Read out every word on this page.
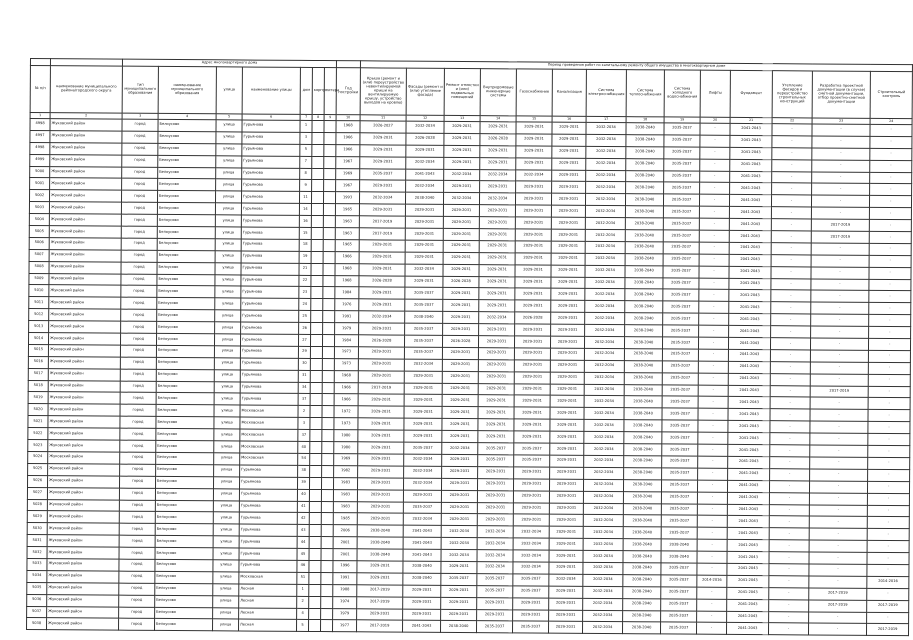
		Адрес многоквартирного дома								Период проведения работ по капитальному ремонту общего имущества в многоквартирном доме													
№ п/п	наименование муниципального района/городского округа	тип муниципального образования	наименование муниципального образования	улица	наименование улицы	дом	корпус	литера	Год постройки	Крыша (ремонт и (или) переустройство невентилируемой крыши на вентилируемую крышу, устройство выходов на кровлю)	Фасады (ремонт и (или) утепление фасада)	Ремонт отмостки и (или) подвальных помещений	Внутридомовые инженерные системы	Газоснабжение	Канализация	Система электроснабжения	Система теплоснабжения	Система холодного водоснабжения	Лифты	Фундамент	Утепление фасадов и переустройство строительных конструкций	Разработка проектной документации (в случае) сметной документации, отбор проектно-сметной документации	Строительный контроль
1	2	3	4	5	6	7	8	9	10	11	12	13	14	15	16	17	18	19	20	21	22	23	24
4998	Жуковский район	город	Белоусово	улица	Гурьянова	1			1968	2026-2027	2032-2034	2029-2031	2029-2031	2029-2031	2029-2031	2032-2034	2038-2040	2035-2037	-	2041-2043	-	-	-
4997	Жуковский район	город	Белоусово	улица	Гурьянова	3			1966	2029-2031	2026-2028	2029-2031	2026-2028	2029-2031	2029-2031	2032-2034	2038-2040	2035-2037	-	2041-2043	-	-	-
4998	Жуковский район	город	Белоусово	улица	Гурьянова	5			1966	2029-2031	2029-2031	2029-2031	2029-2031	2029-2031	2029-2031	2032-2034	2038-2040	2035-2037	-	2041-2043	-	-	-
4999	Жуковский район	город	Белоусово	улица	Гурьянова	7			1967	2029-2031	2032-2034	2029-2031	2029-2031	2029-2031	2029-2031	2032-2034	2038-2040	2035-2037	-	2041-2043	-	-	-
5000	Жуковский район	город	Белоусово	улица	Гурьянова	8			1969	2035-2037	2041-2043	2032-2034	2032-2034	2032-2034	2029-2031	2032-2034	2038-2040	2035-2037	-	2041-2043	-	-	-
5001	Жуковский район	город	Белоусово	улица	Гурьянова	9			1967	2029-2031	2032-2034	2029-2031	2029-2031	2029-2031	2029-2031	2032-2034	2038-2040	2035-2037	-	2041-2043	-	-	-
5002	Жуковский район	город	Белоусово	улица	Гурьянова	11			1993	2032-2034	2038-2040	2032-2034	2032-2034	2029-2031	2029-2031	2032-2034	2038-2040	2035-2037	-	2041-2043	-	-	-
5003	Жуковский район	город	Белоусово	улица	Гурьянова	14			1965	2029-2031	2029-2031	2029-2031	2029-2031	2029-2031	2029-2031	2032-2034	2038-2040	2035-2037	-	2041-2043	-	-	-
5004	Жуковский район	город	Белоусово	улица	Гурьянова	16			1963	2017-2019	2029-2031	2029-2031	2029-2031	2029-2031	2029-2031	2032-2034	2038-2040	2035-2037	-	2041-2043	-	2017-2019	-
5005	Жуковский район	город	Белоусово	улица	Гурьянова	15			1963	2017-2019	2029-2031	2029-2031	2029-2031	2029-2031	2029-2031	2032-2034	2038-2040	2035-2037	-	2041-2043	-	2017-2019	-
5006	Жуковский район	город	Белоусово	улица	Гурьянова	18			1965	2029-2031	2029-2031	2029-2031	2029-2031	2029-2031	2029-2031	2032-2034	2038-2040	2035-2037	-	2041-2043	-	-	-
5007	Жуковский район	город	Белоусово	улица	Гурьянова	19			1966	2029-2031	2029-2031	2029-2031	2029-2031	2029-2031	2029-2031	2032-2034	2038-2040	2035-2037	-	2041-2043	-	-	-
5008	Жуковский район	город	Белоусово	улица	Гурьянова	21			1968	2029-2031	2032-2034	2029-2031	2029-2031	2029-2031	2029-2031	2032-2034	2038-2040	2035-2037	-	2041-2043	-	-	-
5009	Жуковский район	город	Белоусово	улица	Гурьянова	22			1968	2026-2028	2029-2031	2026-2028	2029-2031	2029-2031	2029-2031	2032-2034	2038-2040	2035-2037	-	2041-2043	-	-	-
5010	Жуковский район	город	Белоусово	улица	Гурьянова	23			1984	2029-2031	2035-2037	2029-2031	2029-2031	2029-2031	2029-2031	2032-2034	2038-2040	2035-2037	-	2041-2043	-	-	-
5011	Жуковский район	город	Белоусово	улица	Гурьянова	24			1976	2029-2031	2035-2037	2029-2031	2029-2031	2029-2031	2029-2031	2032-2034	2038-2040	2035-2037	-	2041-2043	-	-	-
5012	Жуковский район	город	Белоусово	улица	Гурьянова	25			1991	2032-2034	2038-2040	2029-2031	2032-2034	2026-2028	2029-2031	2032-2034	2038-2040	2035-2037	-	2041-2043	-	-	-
5013	Жуковский район	город	Белоусово	улица	Гурьянова	26			1979	2029-2031	2035-2037	2029-2031	2029-2031	2029-2031	2029-2031	2032-2034	2038-2040	2035-2037	-	2041-2043	-	-	-
5014	Жуковский район	город	Белоусово	улица	Гурьянова	27			1984	2026-2028	2035-2037	2026-2028	2029-2031	2029-2031	2029-2031	2032-2034	2038-2040	2035-2037	-	2041-2043	-	-	-
5015	Жуковский район	город	Белоусово	улица	Гурьянова	29			1973	2029-2031	2035-2037	2029-2031	2029-2031	2029-2031	2029-2031	2032-2034	2038-2040	2035-2037	-	2041-2043	-	-	-
5016	Жуковский район	город	Белоусово	улица	Гурьянова	30			1973	2029-2031	2032-2034	2029-2031	2029-2031	2029-2031	2029-2031	2032-2034	2038-2040	2035-2037	-	2041-2043	-	-	-
5017	Жуковский район	город	Белоусово	улица	Гурьянова	31			1968	2029-2031	2029-2031	2029-2031	2029-2031	2029-2031	2029-2031	2032-2034	2038-2040	2035-2037	-	2041-2043	-	-	-
5018	Жуковский район	город	Белоусово	улица	Гурьянова	34			1966	2017-2019	2029-2031	2029-2031	2029-2031	2029-2031	2029-2031	2032-2034	2038-2040	2035-2037	-	2041-2043	-	2017-2019	-
5019	Жуковский район	город	Белоусово	улица	Гурьянова	37			1966	2029-2031	2029-2031	2029-2031	2029-2031	2029-2031	2029-2031	2032-2034	2038-2040	2035-2037	-	2041-2043	-	-	-
5020	Жуковский район	город	Белоусово	улица	Московская	2			1972	2029-2031	2029-2031	2029-2031	2029-2031	2029-2031	2029-2031	2032-2034	2038-2040	2035-2037	-	2041-2043	-	-	-
5021	Жуковский район	город	Белоусово	улица	Московская	3			1973	2029-2031	2029-2031	2029-2031	2029-2031	2029-2031	2029-2031	2032-2034	2038-2040	2035-2037	-	2041-2043	-	-	-
5022	Жуковский район	город	Белоусово	улица	Московская	37			1980	2029-2031	2029-2031	2029-2031	2029-2031	2029-2031	2029-2031	2032-2034	2038-2040	2035-2037	-	2041-2043	-	-	-
5023	Жуковский район	город	Белоусово	улица	Московская	40			1980	2029-2031	2035-2037	2032-2034	2035-2037	2035-2037	2029-2031	2032-2034	2038-2040	2035-2037	-	2041-2043	-	-	-
5024	Жуковский район	город	Белоусово	улица	Московская	54			1969	2029-2031	2032-2034	2029-2031	2035-2037	2035-2037	2029-2031	2032-2034	2038-2040	2035-2037	-	2041-2043	-	-	-
5025	Жуковский район	город	Белоусово	улица	Гурьянова	38			1982	2029-2031	2032-2034	2029-2031	2029-2031	2029-2031	2029-2031	2032-2034	2038-2040	2035-2037	-	2041-2043	-	-	-
5026	Жуковский район	город	Белоусово	улица	Гурьянова	39			1983	2029-2031	2032-2034	2029-2031	2029-2031	2029-2031	2029-2031	2032-2034	2038-2040	2035-2037	-	2041-2043	-	-	-
5027	Жуковский район	город	Белоусово	улица	Гурьянова	40			1983	2029-2031	2029-2031	2029-2031	2029-2031	2029-2031	2029-2031	2032-2034	2038-2040	2035-2037	-	2041-2043	-	-	-
5028	Жуковский район	город	Белоусово	улица	Гурьянова	41			1983	2029-2031	2035-2037	2029-2031	2029-2031	2029-2031	2029-2031	2032-2034	2038-2040	2035-2037	-	2041-2043	-	-	-
5029	Жуковский район	город	Белоусово	улица	Гурьянова	42			1985	2029-2031	2032-2034	2029-2031	2029-2031	2029-2031	2029-2031	2032-2034	2038-2040	2035-2037	-	2041-2043	-	-	-
5030	Жуковский район	город	Белоусово	улица	Гурьянова	43			2006	2038-2040	2041-2043	2032-2034	2032-2034	2032-2034	2029-2031	2032-2034	2038-2040	2035-2037	-	2041-2043	-	-	-
5031	Жуковский район	город	Белоусово	улица	Гурьянова	44			2001	2038-2040	2041-2043	2032-2034	2032-2034	2032-2034	2029-2031	2032-2034	2038-2040	2038-2040	-	2041-2043	-	-	-
5032	Жуковский район	город	Белоусово	улица	Гурьянова	45			2001	2038-2040	2041-2043	2032-2034	2032-2034	2032-2034	2029-2031	2032-2034	2038-2040	2038-2040	-	2041-2043	-	-	-
5033	Жуковский район	город	Белоусово	улица	Гурьянова	46			1996	2029-2031	2038-2040	2029-2031	2032-2034	2032-2034	2029-2031	2032-2034	2038-2040	2035-2037	-	2041-2043	-	-	-
5034	Жуковский район	город	Белоусово	улица	Московская	51			1991	2029-2031	2038-2040	2035-2037	2035-2037	2035-2037	2032-2034	2032-2034	2038-2040	2035-2037	2014-2016	2041-2043	-	-	2014-2016
5035	Жуковский район	город	Белоусово	улица	Лесная	1			1988	2017-2019	2029-2031	2029-2031	2035-2037	2035-2037	2029-2031	2032-2034	2038-2040	2035-2037	-	2041-2043	-	2017-2019	-
5036	Жуковский район	город	Белоусово	улица	Лесная	2			1974	2017-2019	2029-2031	2029-2031	2029-2031	2029-2031	2029-2031	2032-2034	2038-2040	2035-2037	-	2041-2043	-	2017-2019	2017-2019
5037	Жуковский район	город	Белоусово	улица	Лесная	4			1979	2029-2031	2029-2031	2029-2031	2029-2031	2029-2031	2029-2031	2032-2034	2038-2040	2035-2037	-	2041-2043	-	-	-
5038	Жуковский район	город	Белоусово	улица	Лесная	5			1977	2017-2019	2041-2043	2038-2040	2035-2037	2035-2037	2029-2031	2032-2034	2038-2040	2035-2037	-	2041-2043	-	-	2017-2019
